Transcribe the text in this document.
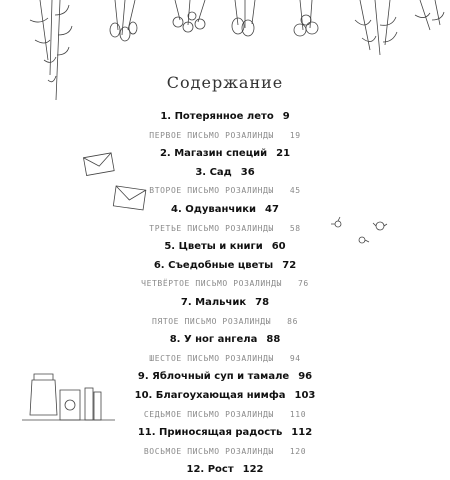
Содержание
1. Потерянное лето 9
ПЕРВОЕ ПИСЬМО РОЗАЛИНДЫ 19
2. Магазин специй 21
3. Сад 36
ВТОРОЕ ПИСЬМО РОЗАЛИНДЫ 45
4. Одуванчики 47
ТРЕТЬЕ ПИСЬМО РОЗАЛИНДЫ 58
5. Цветы и книги 60
6. Съедобные цветы 72
ЧЕТВЁРТОЕ ПИСЬМО РОЗАЛИНДЫ 76
7. Мальчик 78
ПЯТОЕ ПИСЬМО РОЗАЛИНДЫ 86
8. У ног ангела 88
ШЕСТОЕ ПИСЬМО РОЗАЛИНДЫ 94
9. Яблочный суп и тамале 96
10. Благоухающая нимфа 103
СЕДЬМОЕ ПИСЬМО РОЗАЛИНДЫ 110
11. Приносящая радость 112
ВОСЬМОЕ ПИСЬМО РОЗАЛИНДЫ 120
12. Рост 122
